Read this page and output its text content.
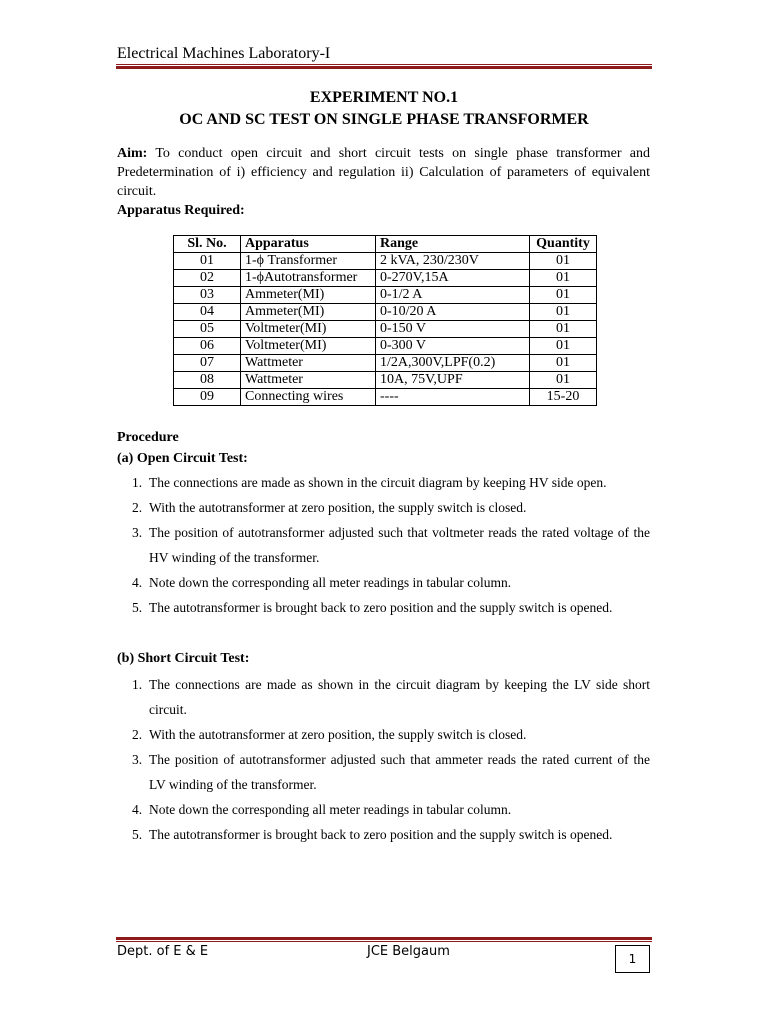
Electrical Machines Laboratory-I
EXPERIMENT NO.1
OC AND SC TEST ON SINGLE PHASE TRANSFORMER
Aim: To conduct open circuit and short circuit tests on single phase transformer and Predetermination of i) efficiency and regulation ii) Calculation of parameters of equivalent circuit.
Apparatus Required:
Sl. No.	Apparatus	Range	Quantity
01	1-ϕ Transformer	2 kVA, 230/230V	01
02	1-ϕAutotransformer	0-270V,15A	01
03	Ammeter(MI)	0-1/2 A	01
04	Ammeter(MI)	0-10/20 A	01
05	Voltmeter(MI)	0-150 V	01
06	Voltmeter(MI)	0-300 V	01
07	Wattmeter	1/2A,300V,LPF(0.2)	01
08	Wattmeter	10A, 75V,UPF	01
09	Connecting wires	----	15-20
Procedure
(a) Open Circuit Test:
1. The connections are made as shown in the circuit diagram by keeping HV side open.
2. With the autotransformer at zero position, the supply switch is closed.
3. The position of autotransformer adjusted such that voltmeter reads the rated voltage of the HV winding of the transformer.
4. Note down the corresponding all meter readings in tabular column.
5. The autotransformer is brought back to zero position and the supply switch is opened.
(b) Short Circuit Test:
1. The connections are made as shown in the circuit diagram by keeping the LV side short circuit.
2. With the autotransformer at zero position, the supply switch is closed.
3. The position of autotransformer adjusted such that ammeter reads the rated current of the LV winding of the transformer.
4. Note down the corresponding all meter readings in tabular column.
5. The autotransformer is brought back to zero position and the supply switch is opened.
Dept. of E & E	JCE Belgaum	1
